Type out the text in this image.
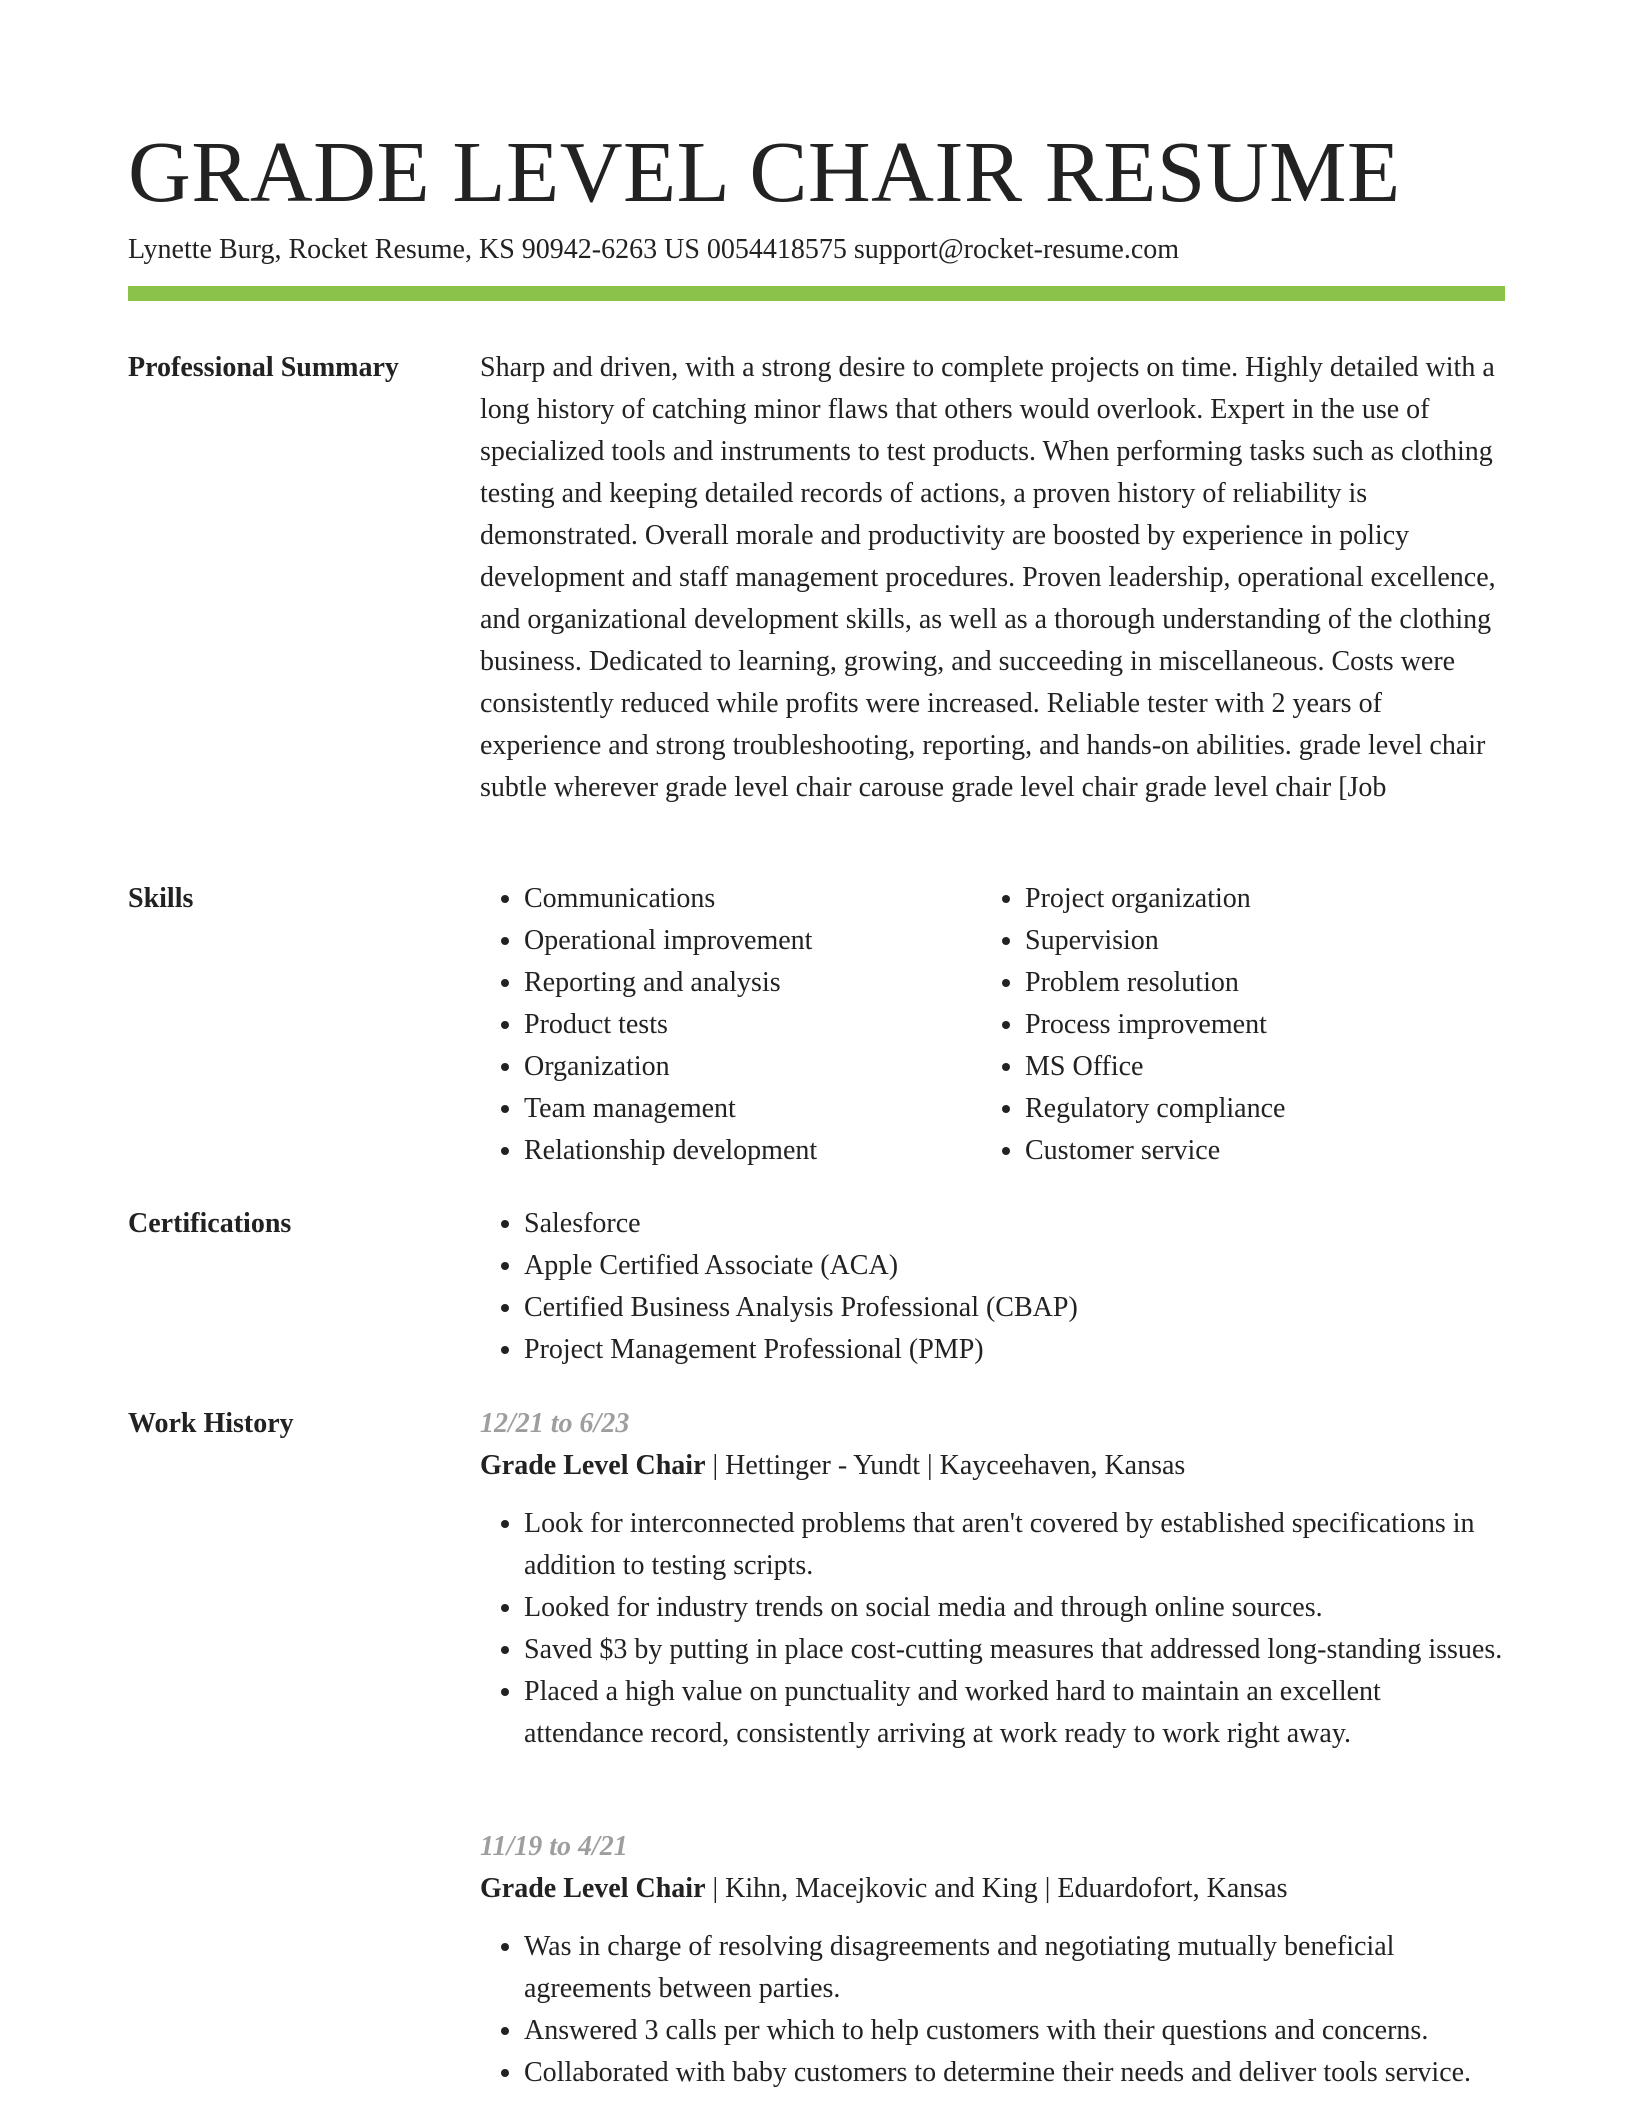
GRADE LEVEL CHAIR RESUME
Lynette Burg, Rocket Resume, KS 90942-6263 US 0054418575 support@rocket-resume.com
Professional Summary	Sharp and driven, with a strong desire to complete projects on time. Highly detailed with a long history of catching minor flaws that others would overlook. Expert in the use of specialized tools and instruments to test products. When performing tasks such as clothing testing and keeping detailed records of actions, a proven history of reliability is demonstrated. Overall morale and productivity are boosted by experience in policy development and staff management procedures. Proven leadership, operational excellence, and organizational development skills, as well as a thorough understanding of the clothing business. Dedicated to learning, growing, and succeeding in miscellaneous. Costs were consistently reduced while profits were increased. Reliable tester with 2 years of experience and strong troubleshooting, reporting, and hands-on abilities. grade level chair subtle wherever grade level chair carouse grade level chair grade level chair [Job

Skills	• Communications
• Operational improvement
• Reporting and analysis
• Product tests
• Organization
• Team management
• Relationship development
• Project organization
• Supervision
• Problem resolution
• Process improvement
• MS Office
• Regulatory compliance
• Customer service
Certifications	• Salesforce
• Apple Certified Associate (ACA)
• Certified Business Analysis Professional (CBAP)
• Project Management Professional (PMP)
Work History	12/21 to 6/23
Grade Level Chair | Hettinger - Yundt | Kayceehaven, Kansas
• Look for interconnected problems that aren't covered by established specifications in addition to testing scripts.
• Looked for industry trends on social media and through online sources.
• Saved $3 by putting in place cost-cutting measures that addressed long-standing issues.
• Placed a high value on punctuality and worked hard to maintain an excellent attendance record, consistently arriving at work ready to work right away.
11/19 to 4/21
Grade Level Chair | Kihn, Macejkovic and King | Eduardofort, Kansas
• Was in charge of resolving disagreements and negotiating mutually beneficial agreements between parties.
• Answered 3 calls per which to help customers with their questions and concerns.
• Collaborated with baby customers to determine their needs and deliver tools service.
